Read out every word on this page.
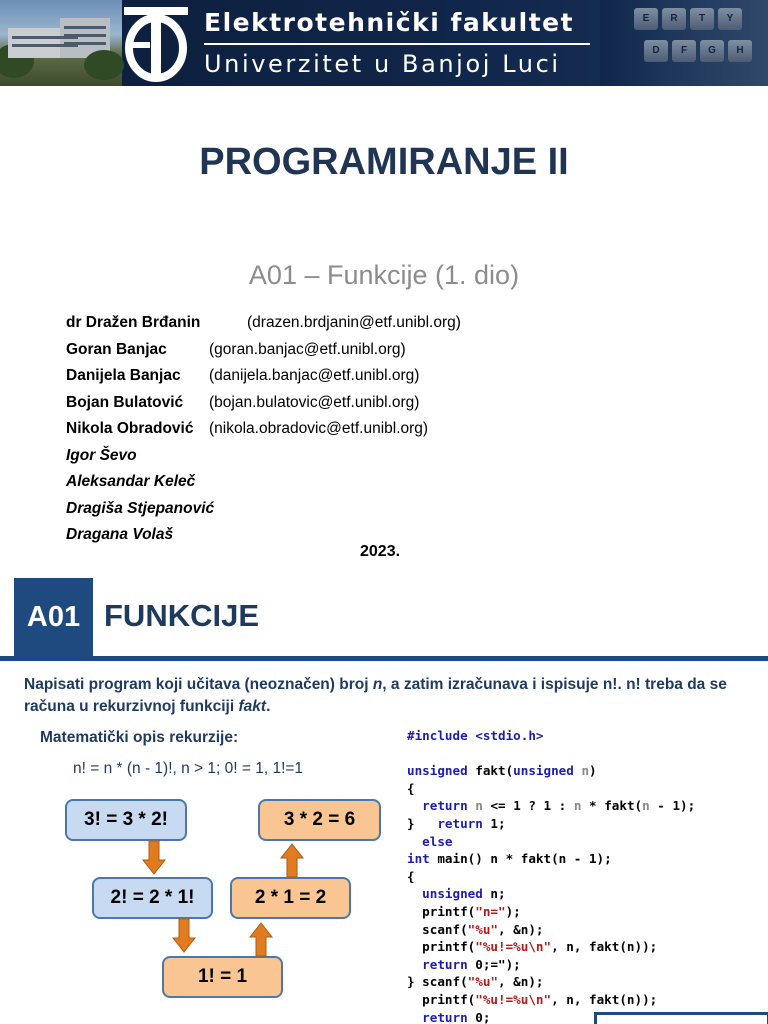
Elektrotehnički fakultet
Univerzitet u Banjoj Luci
E	R	T	Y
D	F	G	H
PROGRAMIRANJE II
A01 – Funkcije (1. dio)
dr Dražen Brđanin	(drazen.brdjanin@etf.unibl.org)
Goran Banjac	(goran.banjac@etf.unibl.org)
Danijela Banjac (danijela.banjac@etf.unibl.org)
Bojan Bulatović (bojan.bulatovic@etf.unibl.org)
Nikola Obradović (nikola.obradovic@etf.unibl.org)
Igor Ševo
Aleksandar Keleč
Dragiša Stjepanović
Dragana Volaš
2023.
A01 FUNKCIJE
Napisati program koji učitava (neoznačen) broj n, a zatim izračunava i ispisuje n!. n! treba da se računa u rekurzivnoj funkciji fakt.
Matematički opis rekurzije:
n! = n * (n - 1)!, n > 1; 0! = 1, 1!=1
3! = 3 * 2!
2! = 2 * 1!
1! = 1
2 * 1 = 2
3 * 2 = 6
#include <stdio.h>

unsigned fakt(unsigned n)
{
return n <= 1 ? 1 : n * fakt(n - 1);
}   return 1;
else
int main() n * fakt(n - 1);
{
unsigned n;
printf("n=");
scanf("%u", &n);
printf("%u!=%u\n", n, fakt(n));
return 0;=");
} scanf("%u", &n);
printf("%u!=%u\n", n, fakt(n));
return 0;
